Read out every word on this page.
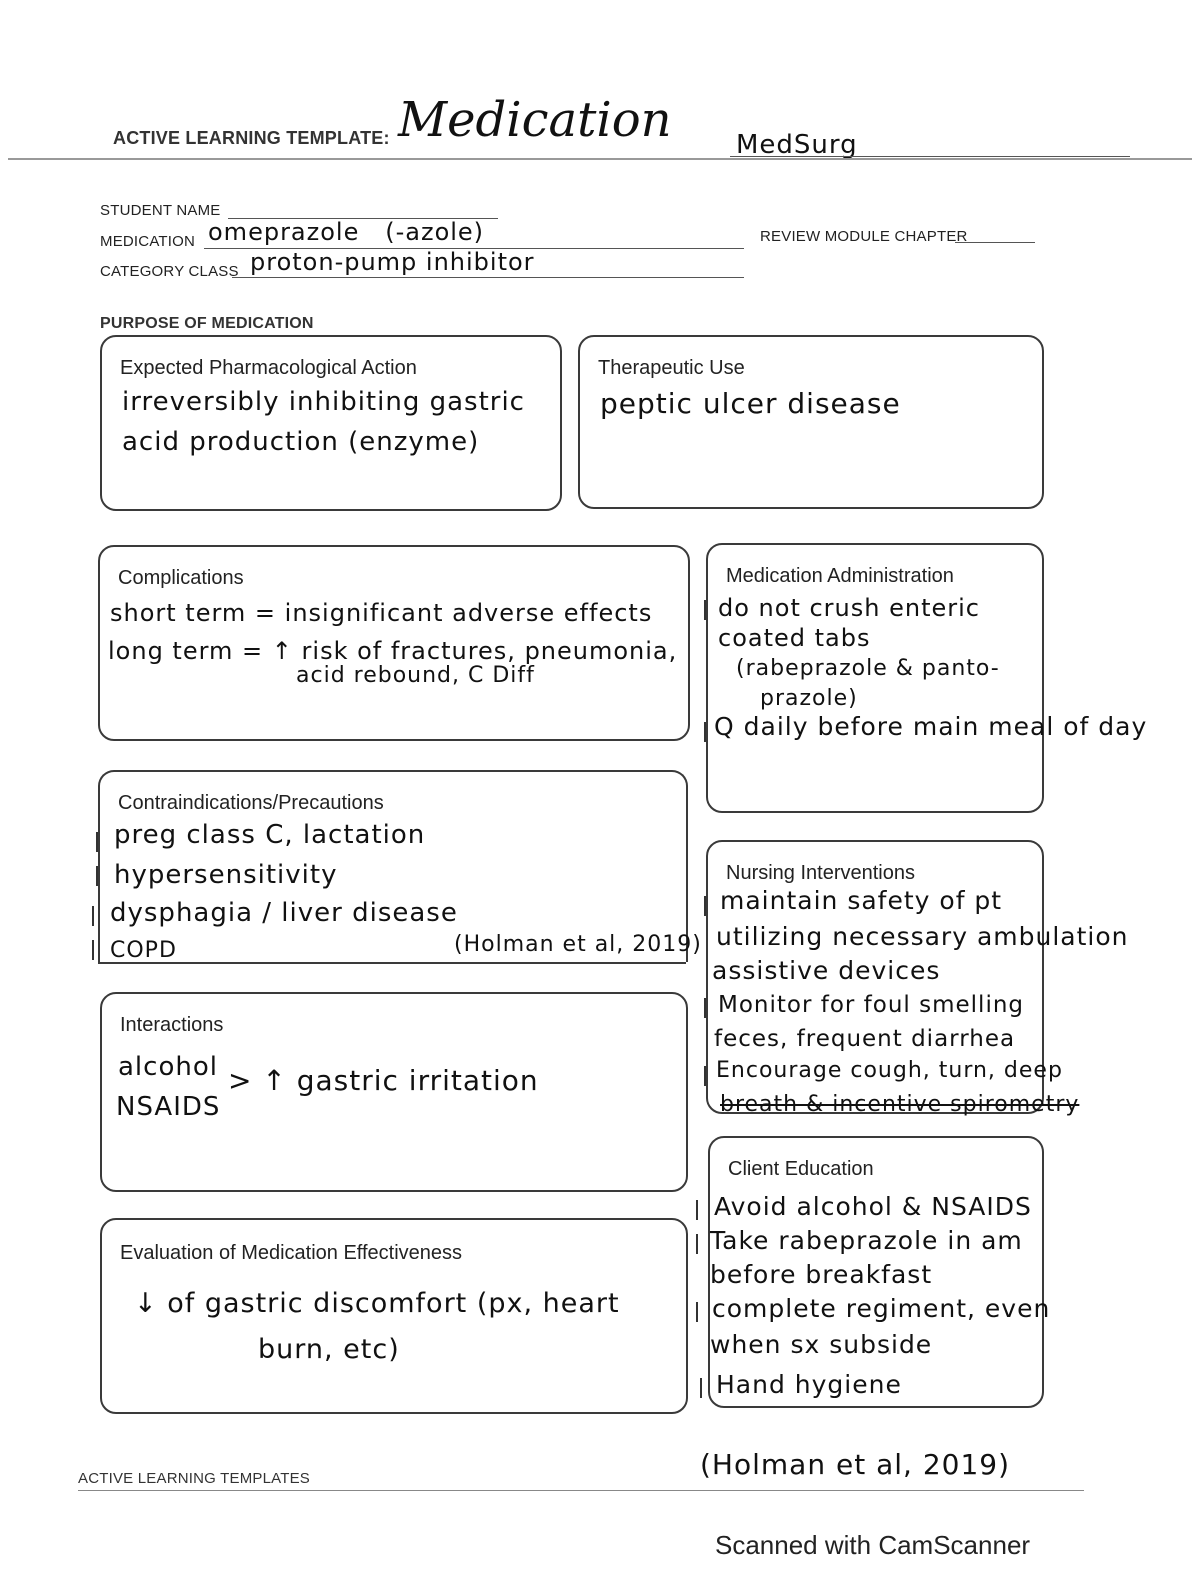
ACTIVE LEARNING TEMPLATE: Medication MedSurg
STUDENT NAME
MEDICATION omeprazole   (-azole)
CATEGORY CLASS proton-pump inhibitor
REVIEW MODULE CHAPTER
PURPOSE OF MEDICATION
Expected Pharmacological Action
irreversibly inhibiting gastric
acid production (enzyme)
Therapeutic Use
peptic ulcer disease
Complications
short term = insignificant adverse effects
long term = ↑ risk of fractures, pneumonia,
acid rebound, C Diff
Medication Administration
do not crush enteric
coated tabs
(rabeprazole & panto-
prazole)
Q daily before main meal of day
Contraindications/Precautions
preg class C, lactation
hypersensitivity
dysphagia / liver disease
COPD	(Holman et al, 2019)
Nursing Interventions
maintain safety of pt
utilizing necessary ambulation
assistive devices
Monitor for foul smelling
feces, frequent diarrhea
Encourage cough, turn, deep
breath & incentive spirometry
Interactions
alcohol
NSAIDS
> ↑ gastric irritation
Client Education
Avoid alcohol & NSAIDS
Take rabeprazole in am
before breakfast
complete regiment, even
when sx subside
Hand hygiene
Evaluation of Medication Effectiveness
↓ of gastric discomfort (px, heart
burn, etc)
ACTIVE LEARNING TEMPLATES	(Holman et al, 2019)
Scanned with CamScanner
